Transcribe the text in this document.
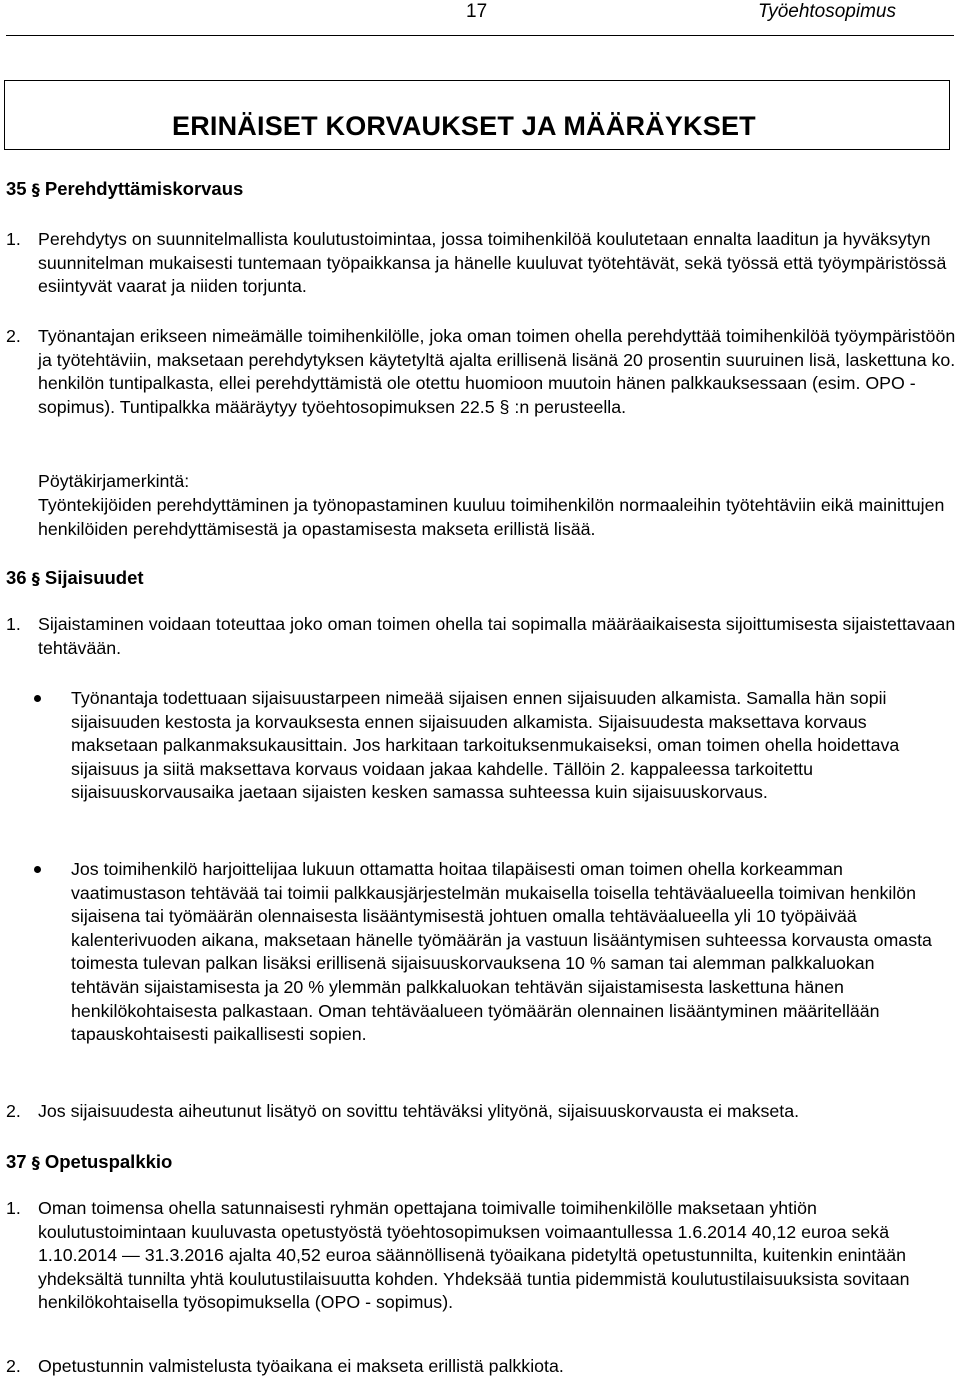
17	Työehtosopimus
ERINÄISET KORVAUKSET JA MÄÄRÄYKSET
35 § Perehdyttämiskorvaus
1. Perehdytys on suunnitelmallista koulutustoimintaa, jossa toimihenkilöä koulutetaan ennalta laaditun ja hyväksytyn suunnitelman mukaisesti tuntemaan työpaikkansa ja hänelle kuuluvat työtehtävät, sekä työssä että työympäristössä esiintyvät vaarat ja niiden torjunta.
2. Työnantajan erikseen nimeämälle toimihenkilölle, joka oman toimen ohella perehdyttää toimihenkilöä työympäristöön ja työtehtäviin, maksetaan perehdytyksen käytetyltä ajalta erillisenä lisänä 20 prosentin suuruinen lisä, laskettuna ko. henkilön tuntipalkasta, ellei perehdyttämistä ole otettu huomioon muutoin hänen palkkauksessaan (esim. OPO - sopimus). Tuntipalkka määräytyy työehtosopimuksen 22.5 § :n perusteella.
Pöytäkirjamerkintä:
Työntekijöiden perehdyttäminen ja työnopastaminen kuuluu toimihenkilön normaaleihin työtehtäviin eikä mainittujen henkilöiden perehdyttämisestä ja opastamisesta makseta erillistä lisää.
36 § Sijaisuudet
1. Sijaistaminen voidaan toteuttaa joko oman toimen ohella tai sopimalla määräaikaisesta sijoittumisesta sijaistettavaan tehtävään.
Työnantaja todettuaan sijaisuustarpeen nimeää sijaisen ennen sijaisuuden alkamista. Samalla hän sopii sijaisuuden kestosta ja korvauksesta ennen sijaisuuden alkamista. Sijaisuudesta maksettava korvaus maksetaan palkanmaksukausittain. Jos harkitaan tarkoituksenmukaiseksi, oman toimen ohella hoidettava sijaisuus ja siitä maksettava korvaus voidaan jakaa kahdelle. Tällöin 2. kappaleessa tarkoitettu sijaisuuskorvausaika jaetaan sijaisten kesken samassa suhteessa kuin sijaisuuskorvaus.
Jos toimihenkilö harjoittelijaa lukuun ottamatta hoitaa tilapäisesti oman toimen ohella korkeamman vaatimustason tehtävää tai toimii palkkausjärjestelmän mukaisella toisella tehtäväalueella toimivan henkilön sijaisena tai työmäärän olennaisesta lisääntymisestä johtuen omalla tehtäväalueella yli 10 työpäivää kalenterivuoden aikana, maksetaan hänelle työmäärän ja vastuun lisääntymisen suhteessa korvausta omasta toimesta tulevan palkan lisäksi erillisenä sijaisuuskorvauksena 10 % saman tai alemman palkkaluokan tehtävän sijaistamisesta ja 20 % ylemmän palkkaluokan tehtävän sijaistamisesta laskettuna hänen henkilökohtaisesta palkastaan. Oman tehtäväalueen työmäärän olennainen lisääntyminen määritellään tapauskohtaisesti paikallisesti sopien.
2. Jos sijaisuudesta aiheutunut lisätyö on sovittu tehtäväksi ylityönä, sijaisuuskorvausta ei makseta.
37 § Opetuspalkkio
1. Oman toimensa ohella satunnaisesti ryhmän opettajana toimivalle toimihenkilölle maksetaan yhtiön koulutustoimintaan kuuluvasta opetustyöstä työehtosopimuksen voimaantullessa 1.6.2014 40,12 euroa sekä 1.10.2014 — 31.3.2016 ajalta 40,52 euroa säännöllisenä työaikana pidetyltä opetustunnilta, kuitenkin enintään yhdeksältä tunnilta yhtä koulutustilaisuutta kohden. Yhdeksää tuntia pidemmistä koulutustilaisuuksista sovitaan henkilökohtaisella työsopimuksella (OPO - sopimus).
2. Opetustunnin valmistelusta työaikana ei makseta erillistä palkkiota.
